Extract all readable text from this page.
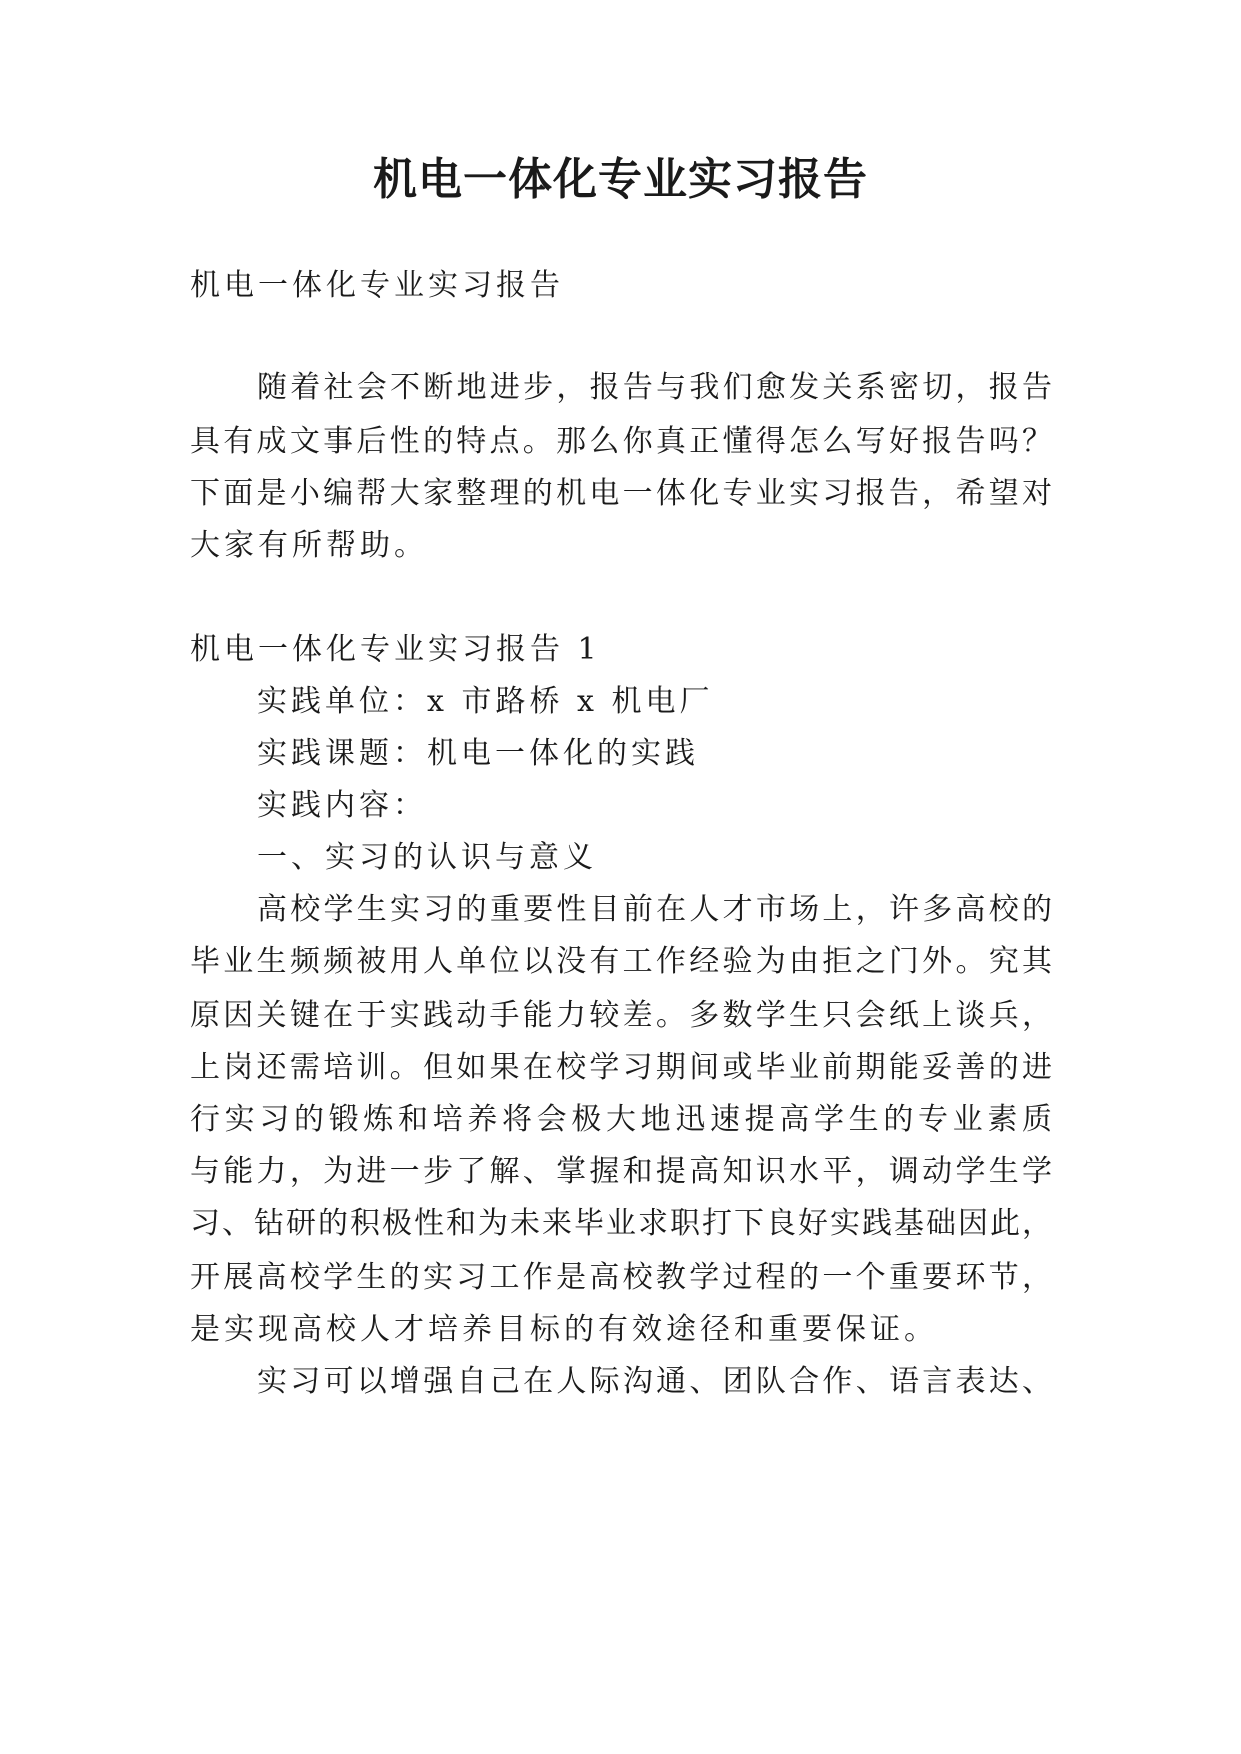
机电一体化专业实习报告
机电一体化专业实习报告
随着社会不断地进步，报告与我们愈发关系密切，报告
具有成文事后性的特点。那么你真正懂得怎么写好报告吗？
下面是小编帮大家整理的机电一体化专业实习报告，希望对
大家有所帮助。
机电一体化专业实习报告 1
实践单位：x 市路桥 x 机电厂
实践课题：机电一体化的实践
实践内容：
一、实习的认识与意义
高校学生实习的重要性目前在人才市场上，许多高校的
毕业生频频被用人单位以没有工作经验为由拒之门外。究其
原因关键在于实践动手能力较差。多数学生只会纸上谈兵，
上岗还需培训。但如果在校学习期间或毕业前期能妥善的进
行实习的锻炼和培养将会极大地迅速提高学生的专业素质
与能力，为进一步了解、掌握和提高知识水平，调动学生学
习、钻研的积极性和为未来毕业求职打下良好实践基础因此，
开展高校学生的实习工作是高校教学过程的一个重要环节，
是实现高校人才培养目标的有效途径和重要保证。
实习可以增强自己在人际沟通、团队合作、语言表达、
